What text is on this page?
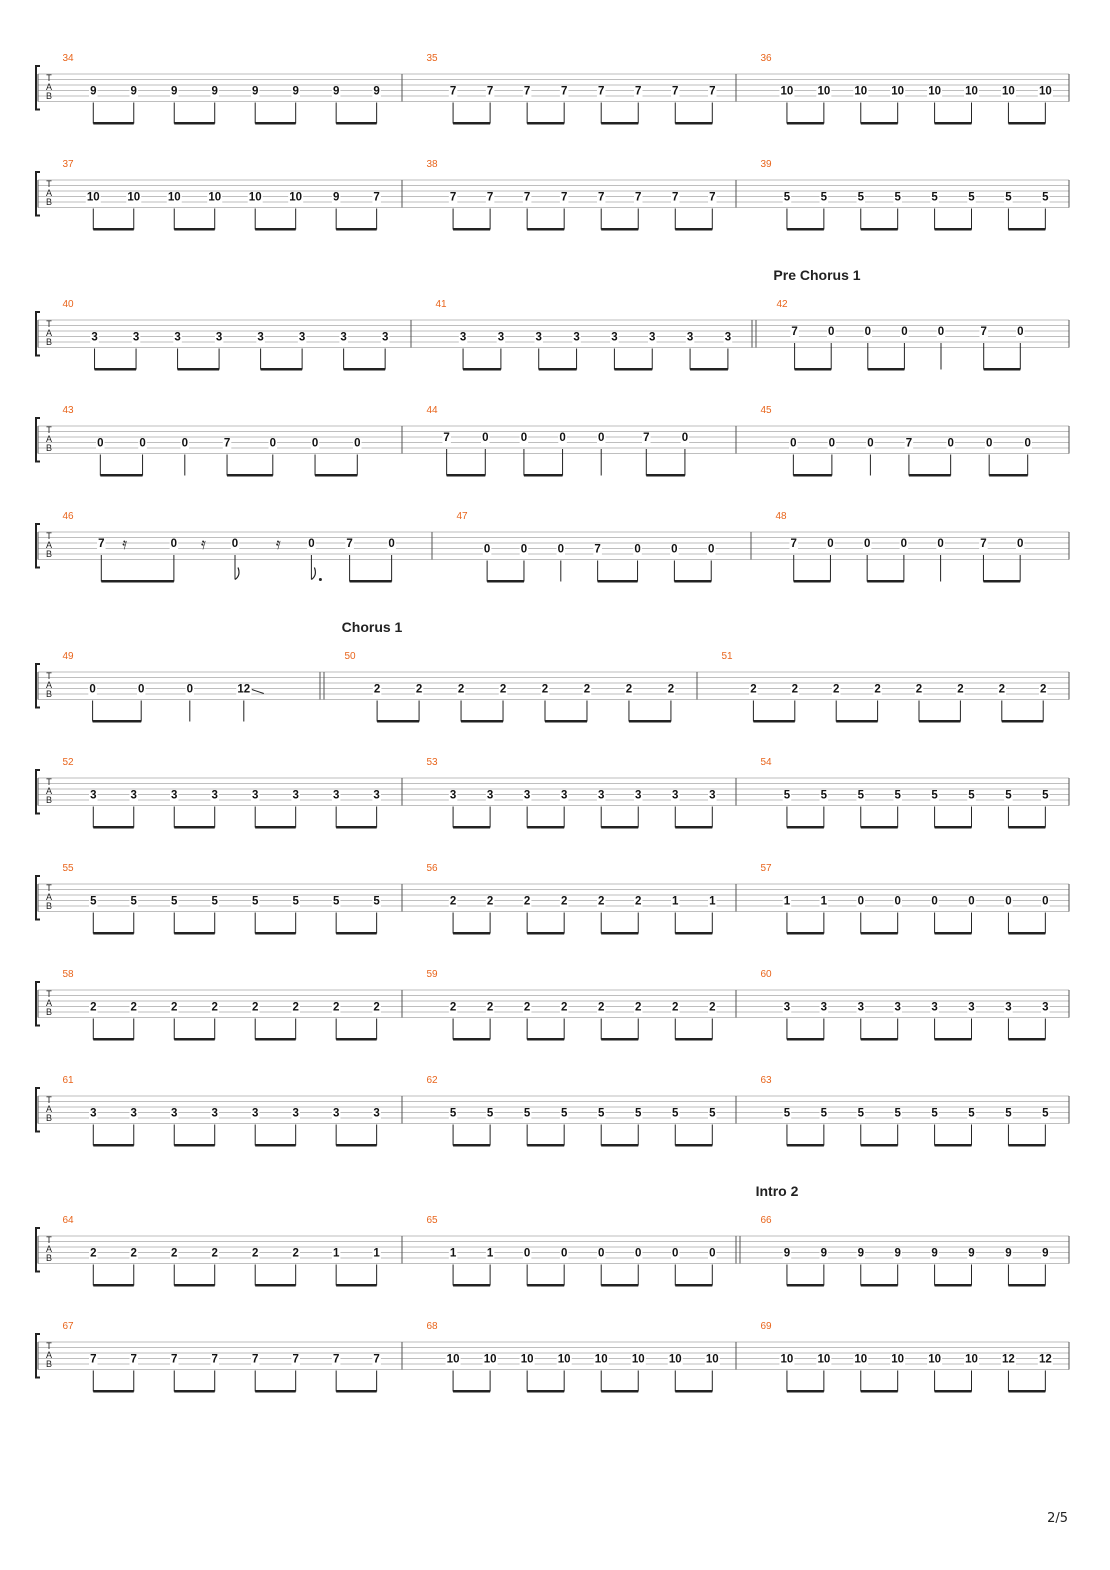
T
A
B
34
9	9	9	9	9	9	9	9
35
7	7	7	7	7	7	7	7
36
10 10 10 10 10 10 10 10
T
A
B
37
10 10 10 10 10 10	9	7
38
7	7	7	7	7	7	7	7
39
5	5	5	5	5	5	5	5
Pre Chorus 1
T
A
B
40
3	3	3	3	3	3	3	3
41
3	3	3	3	3	3	3	3
42
7	0	0	0	0	7	0
T
A
B
43
0	0	0	7	0	0	0
44
7	0	0	0	0	7	0
45
0	0	0	7	0	0	0
T
A
B
46
7	0	0	0	7	0
𝄿	𝄿	𝄿
47
0	0	0	7	0	0	0
48
7	0	0	0	0	7	0
Chorus 1
T
A
B
49
0	0	0	12
50
2	2	2	2	2	2	2	2
51
2	2	2	2	2	2	2	2
T
A
B
52
3	3	3	3	3	3	3	3
53
3	3	3	3	3	3	3	3
54
5	5	5	5	5	5	5	5
T
A
B
55
5	5	5	5	5	5	5	5
56
2	2	2	2	2	2	1	1
57
1	1	0	0	0	0	0	0
T
A
B
58
2	2	2	2	2	2	2	2
59
2	2	2	2	2	2	2	2
60
3	3	3	3	3	3	3	3
T
A
B
61
3	3	3	3	3	3	3	3
62
5	5	5	5	5	5	5	5
63
5	5	5	5	5	5	5	5
Intro 2
T
A
B
64
2	2	2	2	2	2	1	1
65
1	1	0	0	0	0	0	0
66
9	9	9	9	9	9	9	9
T
A
B
67
7	7	7	7	7	7	7	7
68
10 10 10 10 10 10 10 10
69
10 10 10 10 10 10 12 12
2/5
